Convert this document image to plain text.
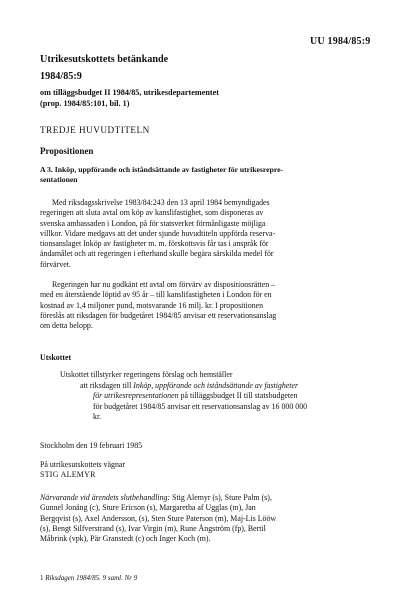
UU 1984/85:9
Utrikesutskottets betänkande
1984/85:9
om tilläggsbudget II 1984/85, utrikesdepartementet
(prop. 1984/85:101, bil. 1)
TREDJE HUVUDTITELN
Propositionen
A 3. Inköp, uppförande och iståndsättande av fastigheter för utrikesrepre-
sentationen
Med riksdagsskrivelse 1983/84:243 den 13 april 1984 bemyndigades
regeringen att sluta avtal om köp av kanslifastighet, som disponeras av
svenska ambassaden i London, på för statsverket förmånligaste möjliga
villkor. Vidare medgavs att det under sjunde huvudtiteln uppförda reserva-
tionsanslaget Inköp av fastigheter m. m. förskottsvis får tas i anspråk för
ändamålet och att regeringen i efterhand skulle begära särskilda medel för
förvärvet.
Regeringen har nu godkänt ett avtal om förvärv av dispositionsrätten –
med en återstående löptid av 95 år – till kanslifastigheten i London för en
kostnad av 1,4 miljoner pund, motsvarande 16 milj. kr. I propositionen
föreslås att riksdagen för budgetåret 1984/85 anvisar ett reservationsanslag
om detta belopp.
Utskottet
Utskottet tillstyrker regeringens förslag och hemställer
att riksdagen till Inköp, uppförande och iståndsättande av fastigheter
för utrikesrepresentationen på tilläggsbudget II till statsbudgeten
för budgetåret 1984/85 anvisar ett reservationsanslag av 16 000 000
kr.
Stockholm den 19 februari 1985
På utrikesutskottets vägnar
STIG ALEMYR
Närvarande vid ärendets slutbehandling: Stig Alemyr (s), Sture Palm (s),
Gunnel Jonäng (c), Sture Ericson (s), Margaretha af Ugglas (m), Jan
Bergqvist (s), Axel Andersson, (s), Sten Sture Paterson (m), Maj-Lis Lööw
(s), Bengt Silfverstrand (s), Ivar Virgin (m), Rune Ångström (fp), Bertil
Måbrink (vpk), Pär Granstedt (c) och Inger Koch (m).
1 Riksdagen 1984/85. 9 saml. Nr 9
